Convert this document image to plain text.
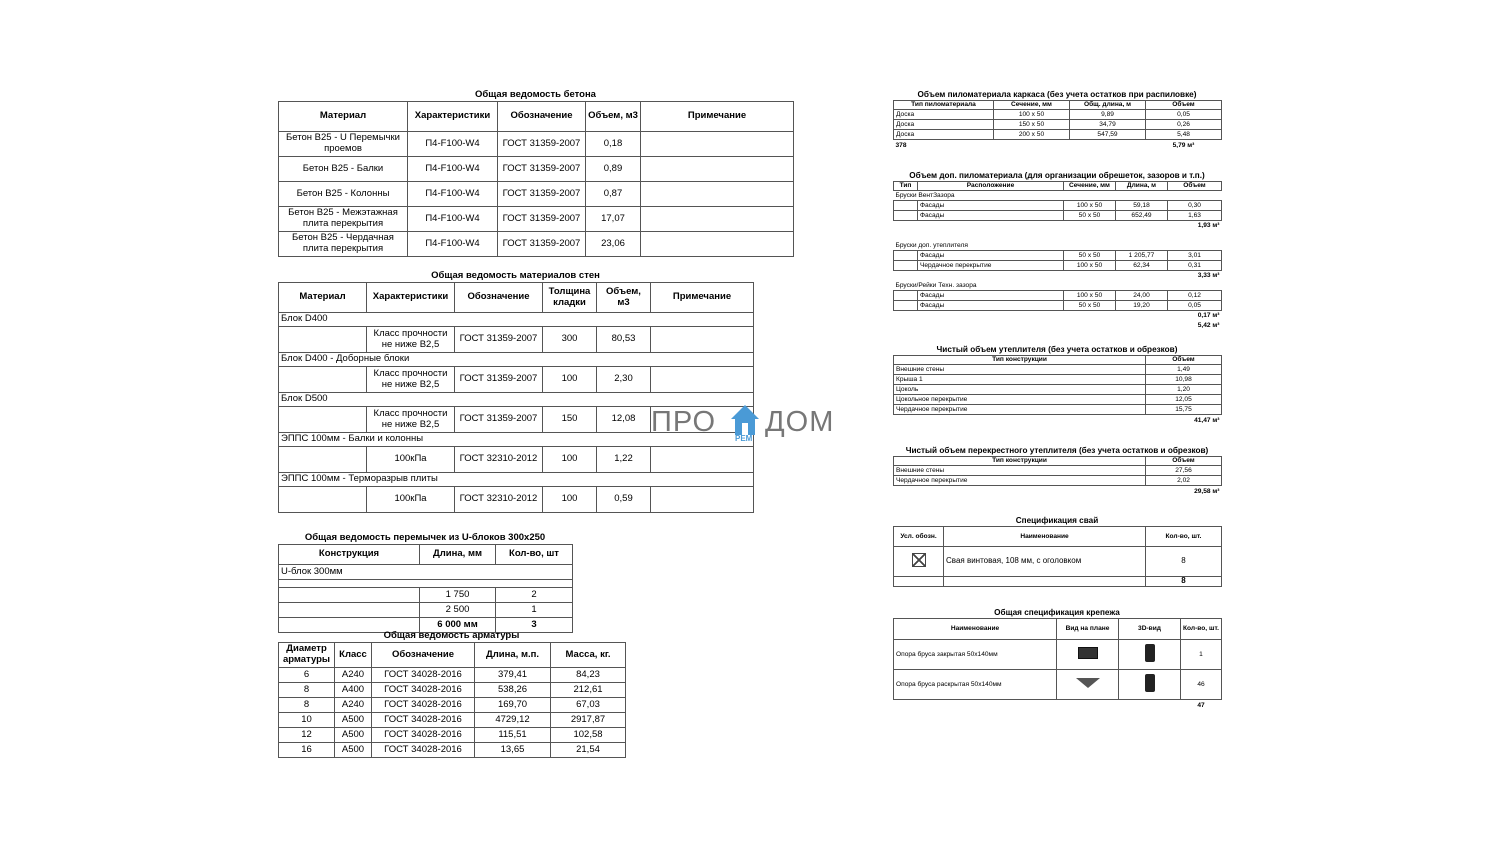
Общая ведомость бетона
Материал	Характеристики	Обозначение	Объем, м3	Примечание
Бетон В25 - U Перемычки проемов	П4-F100-W4	ГОСТ 31359-2007	0,18	
Бетон В25 - Балки	П4-F100-W4	ГОСТ 31359-2007	0,89	
Бетон В25 - Колонны	П4-F100-W4	ГОСТ 31359-2007	0,87	
Бетон В25 - Межэтажная плита перекрытия	П4-F100-W4	ГОСТ 31359-2007	17,07	
Бетон В25 - Чердачная плита перекрытия	П4-F100-W4	ГОСТ 31359-2007	23,06	
Общая ведомость материалов стен
Материал	Характеристики	Обозначение	Толщина кладки	Объем, м3	Примечание
Блок D400					
	Класс прочности не ниже B2,5	ГОСТ 31359-2007	300	80,53	
Блок D400 - Доборные блоки					
	Класс прочности не ниже B2,5	ГОСТ 31359-2007	100	2,30	
Блок D500					
	Класс прочности не ниже B2,5	ГОСТ 31359-2007	150	12,08	
ЭППС 100мм - Балки и колонны					
	100кПа	ГОСТ 32310-2012	100	1,22	
ЭППС 100мм - Терморазрыв плиты					
	100кПа	ГОСТ 32310-2012	100	0,59	
Общая ведомость перемычек из U-блоков 300х250
Конструкция	Длина, мм	Кол-во, шт
U-блок 300мм		

	1 750	2
	2 500	1
	6 000 мм	3
Общая ведомость арматуры
Диаметр арматуры	Класс	Обозначение	Длина, м.п.	Масса, кг.
6	A240	ГОСТ 34028-2016	379,41	84,23
8	A400	ГОСТ 34028-2016	538,26	212,61
8	A240	ГОСТ 34028-2016	169,70	67,03
10	A500	ГОСТ 34028-2016	4729,12	2917,87
12	A500	ГОСТ 34028-2016	115,51	102,58
16	A500	ГОСТ 34028-2016	13,65	21,54
ПРО
РЕМ
ДОМ
Объем пиломатериала каркаса (без учета остатков при распиловке)
Тип пиломатериала	Сечение, мм	Общ. длина, м	Объем
Доска	100 x 50	9,89	0,05
Доска	150 x 50	34,79	0,26
Доска	200 x 50	547,59	5,48
378			5,79 м³
Объем доп. пиломатериала (для организации обрешеток, зазоров и т.п.)
Тип	Расположение	Сечение, мм	Длина, м	Объем
Бруски ВентЗазора				
	Фасады	100 x 50	59,18	0,30
	Фасады	50 x 50	652,49	1,63
1,93 м³				

Бруски доп. утеплителя				
	Фасады	50 x 50	1 205,77	3,01
	Чердачное перекрытие	100 x 50	62,34	0,31
3,33 м³				
Бруски/Рейки Техн. зазора				
	Фасады	100 x 50	24,00	0,12
	Фасады	50 x 50	19,20	0,05
0,17 м³				
5,42 м³				
Чистый объем утеплителя (без учета остатков и обрезков)
Тип конструкции	Объем
Внешние стены	1,49
Крыша 1	10,98
Цоколь	1,20
Цокольное перекрытие	12,05
Чердачное перекрытие	15,75
41,47 м³	
Чистый объем перекрестного утеплителя (без учета остатков и обрезков)
Тип конструкции	Объем
Внешние стены	27,56
Чердачное перекрытие	2,02
29,58 м³	
Спецификация свай
Усл. обозн.	Наименование	Кол-во, шт.
	Свая винтовая, 108 мм, с оголовком	8
		8
Общая спецификация крепежа
Наименование	Вид на плане	3D-вид	Кол-во, шт.
Опора бруса закрытая 50х140мм			1
Опора бруса раскрытая 50х140мм			46
			47
